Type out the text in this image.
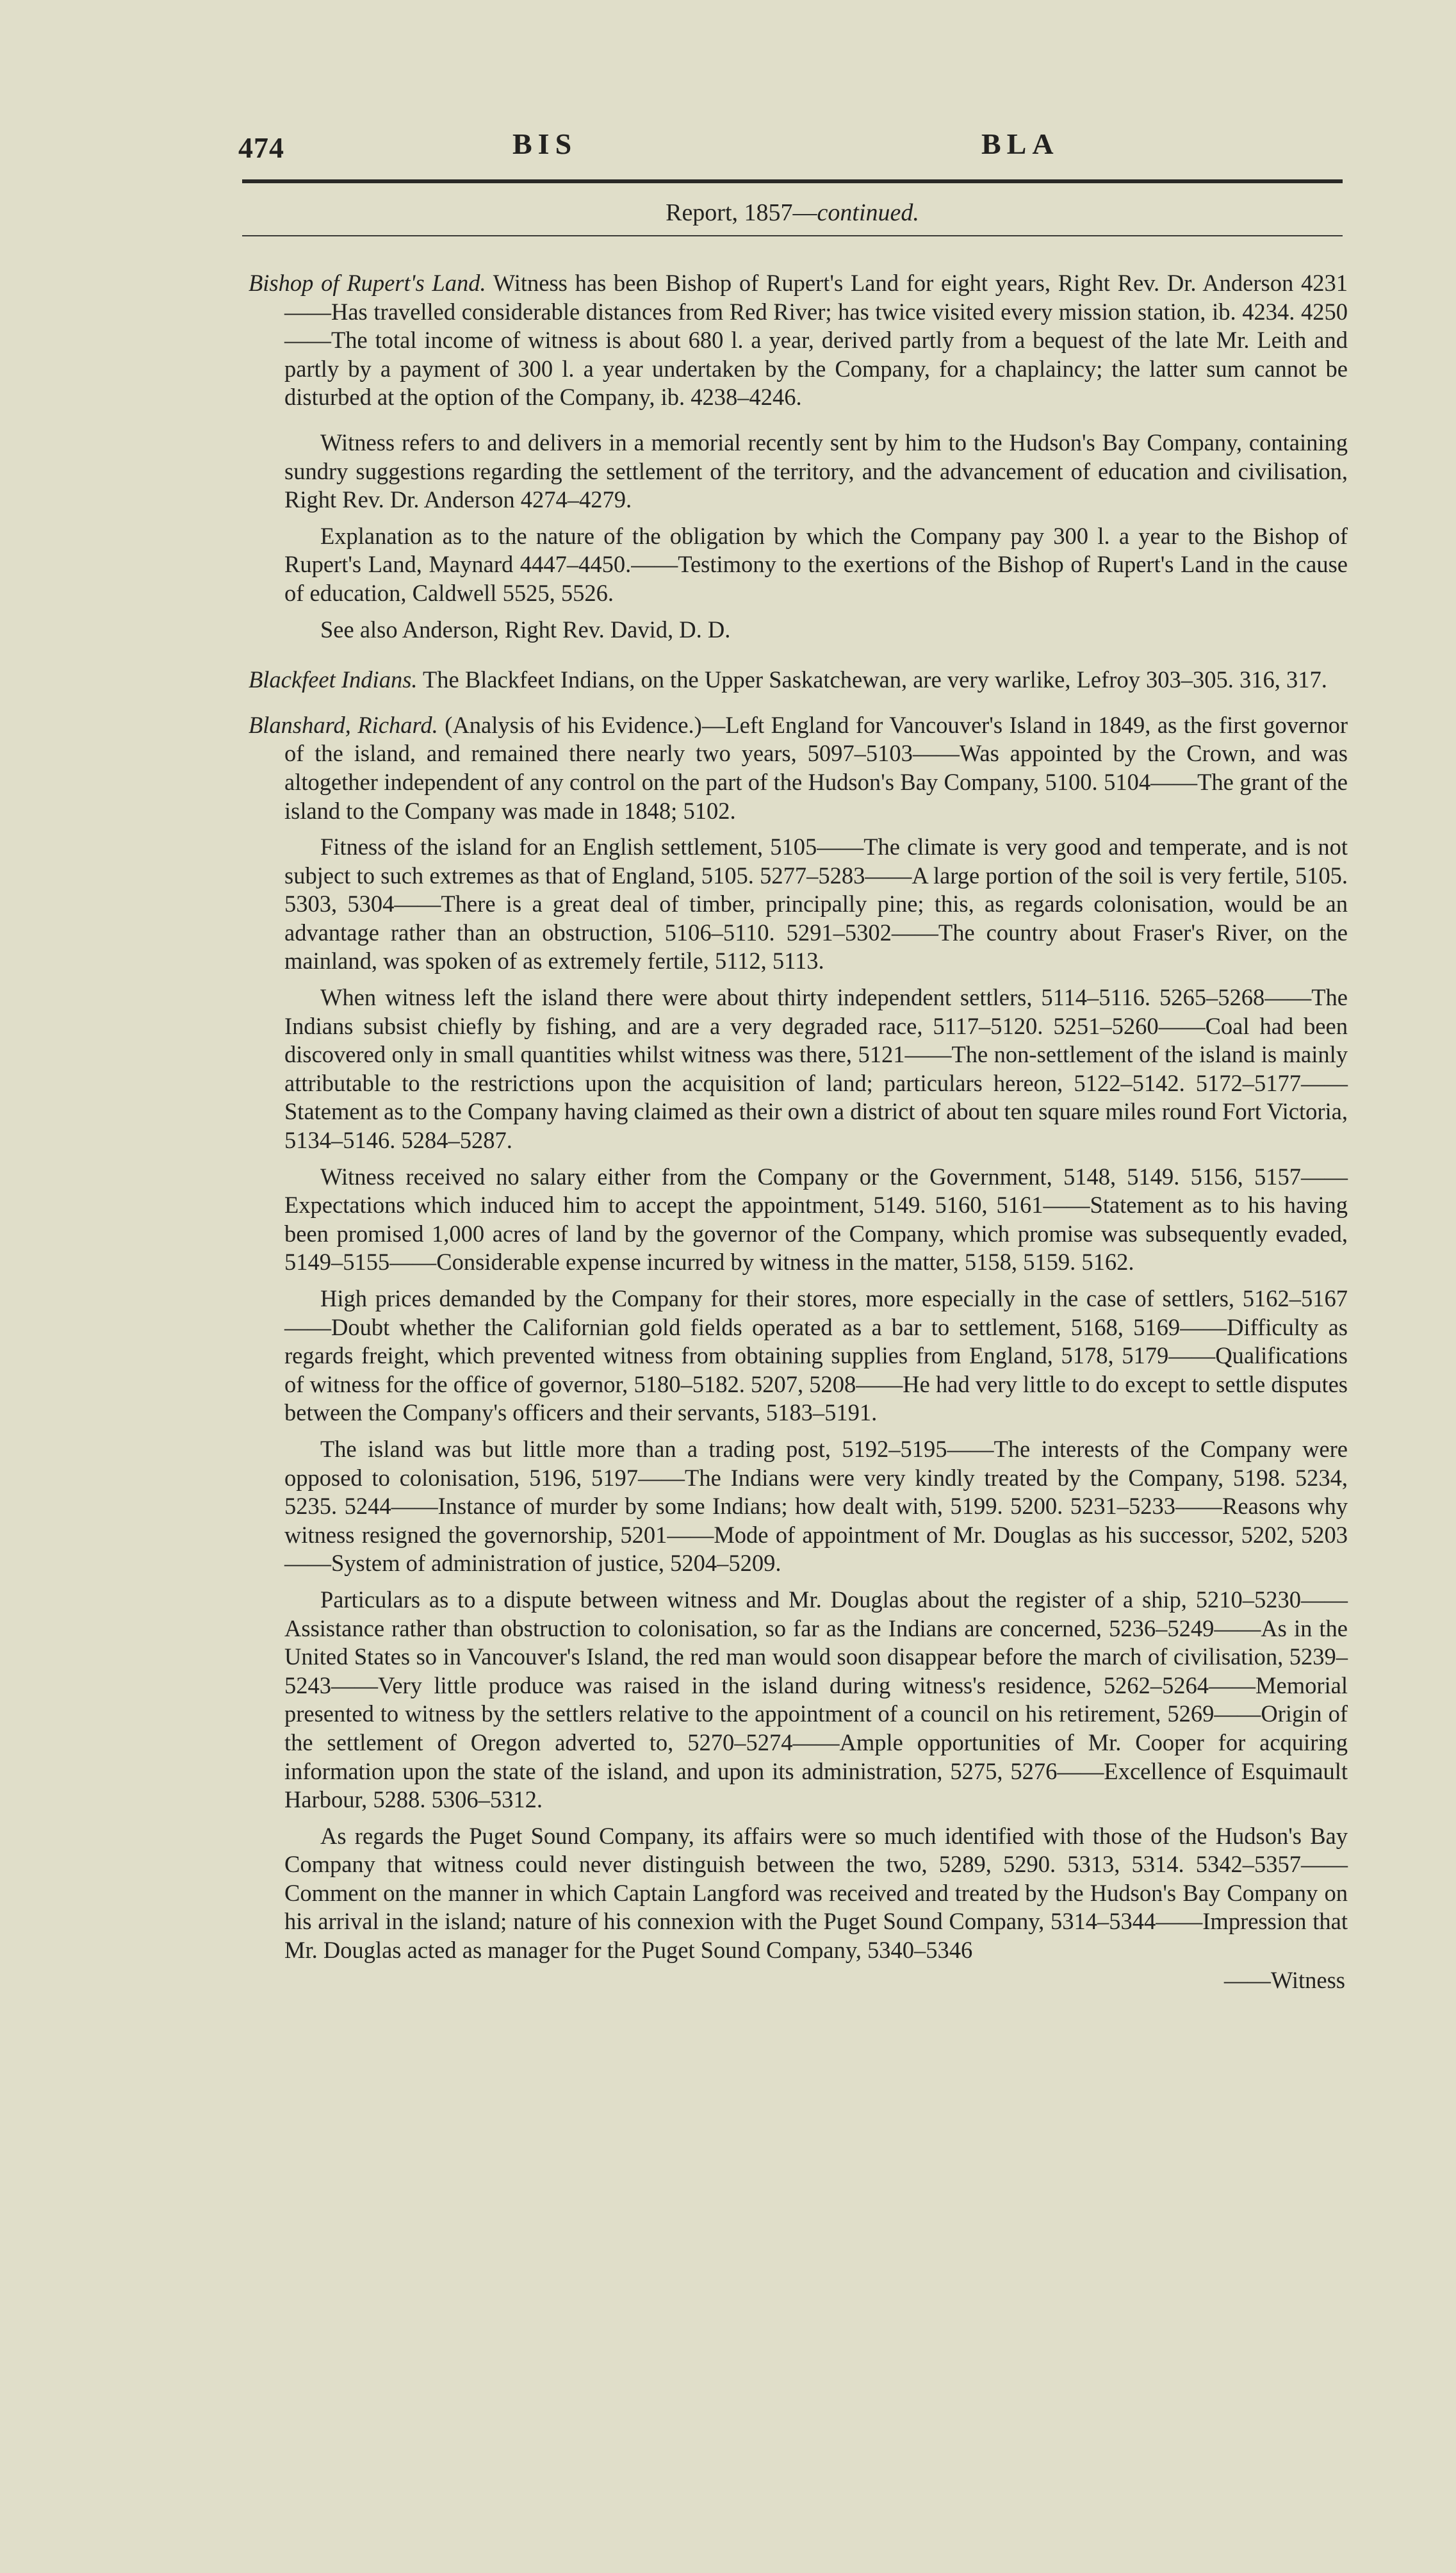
474	BIS	BLA
Report, 1857—continued.

Bishop of Rupert's Land. Witness has been Bishop of Rupert's Land for eight years, Right Rev. Dr. Anderson 4231——Has travelled considerable distances from Red River; has twice visited every mission station, ib. 4234. 4250——The total income of witness is about 680 l. a year, derived partly from a bequest of the late Mr. Leith and partly by a payment of 300 l. a year undertaken by the Company, for a chaplaincy; the latter sum cannot be disturbed at the option of the Company, ib. 4238–4246.

Witness refers to and delivers in a memorial recently sent by him to the Hudson's Bay Company, containing sundry suggestions regarding the settlement of the territory, and the advancement of education and civilisation, Right Rev. Dr. Anderson 4274–4279.

Explanation as to the nature of the obligation by which the Company pay 300 l. a year to the Bishop of Rupert's Land, Maynard 4447–4450.——Testimony to the exertions of the Bishop of Rupert's Land in the cause of education, Caldwell 5525, 5526.

See also Anderson, Right Rev. David, D. D.

Blackfeet Indians. The Blackfeet Indians, on the Upper Saskatchewan, are very warlike, Lefroy 303–305. 316, 317.

Blanshard, Richard. (Analysis of his Evidence.)—Left England for Vancouver's Island in 1849, as the first governor of the island, and remained there nearly two years, 5097–5103——Was appointed by the Crown, and was altogether independent of any control on the part of the Hudson's Bay Company, 5100. 5104——The grant of the island to the Company was made in 1848; 5102.

Fitness of the island for an English settlement, 5105——The climate is very good and temperate, and is not subject to such extremes as that of England, 5105. 5277–5283——A large portion of the soil is very fertile, 5105. 5303, 5304——There is a great deal of timber, principally pine; this, as regards colonisation, would be an advantage rather than an obstruction, 5106–5110. 5291–5302——The country about Fraser's River, on the mainland, was spoken of as extremely fertile, 5112, 5113.

When witness left the island there were about thirty independent settlers, 5114–5116. 5265–5268——The Indians subsist chiefly by fishing, and are a very degraded race, 5117–5120. 5251–5260——Coal had been discovered only in small quantities whilst witness was there, 5121——The non-settlement of the island is mainly attributable to the restrictions upon the acquisition of land; particulars hereon, 5122–5142. 5172–5177——Statement as to the Company having claimed as their own a district of about ten square miles round Fort Victoria, 5134–5146. 5284–5287.

Witness received no salary either from the Company or the Government, 5148, 5149. 5156, 5157——Expectations which induced him to accept the appointment, 5149. 5160, 5161——Statement as to his having been promised 1,000 acres of land by the governor of the Company, which promise was subsequently evaded, 5149–5155——Considerable expense incurred by witness in the matter, 5158, 5159. 5162.

High prices demanded by the Company for their stores, more especially in the case of settlers, 5162–5167——Doubt whether the Californian gold fields operated as a bar to settlement, 5168, 5169——Difficulty as regards freight, which prevented witness from obtaining supplies from England, 5178, 5179——Qualifications of witness for the office of governor, 5180–5182. 5207, 5208——He had very little to do except to settle disputes between the Company's officers and their servants, 5183–5191.

The island was but little more than a trading post, 5192–5195——The interests of the Company were opposed to colonisation, 5196, 5197——The Indians were very kindly treated by the Company, 5198. 5234, 5235. 5244——Instance of murder by some Indians; how dealt with, 5199. 5200. 5231–5233——Reasons why witness resigned the governorship, 5201——Mode of appointment of Mr. Douglas as his successor, 5202, 5203——System of administration of justice, 5204–5209.

Particulars as to a dispute between witness and Mr. Douglas about the register of a ship, 5210–5230——Assistance rather than obstruction to colonisation, so far as the Indians are concerned, 5236–5249——As in the United States so in Vancouver's Island, the red man would soon disappear before the march of civilisation, 5239–5243——Very little produce was raised in the island during witness's residence, 5262–5264——Memorial presented to witness by the settlers relative to the appointment of a council on his retirement, 5269——Origin of the settlement of Oregon adverted to, 5270–5274——Ample opportunities of Mr. Cooper for acquiring information upon the state of the island, and upon its administration, 5275, 5276——Excellence of Esquimault Harbour, 5288. 5306–5312.

As regards the Puget Sound Company, its affairs were so much identified with those of the Hudson's Bay Company that witness could never distinguish between the two, 5289, 5290. 5313, 5314. 5342–5357——Comment on the manner in which Captain Langford was received and treated by the Hudson's Bay Company on his arrival in the island; nature of his connexion with the Puget Sound Company, 5314–5344——Impression that Mr. Douglas acted as manager for the Puget Sound Company, 5340–5346

——Witness
